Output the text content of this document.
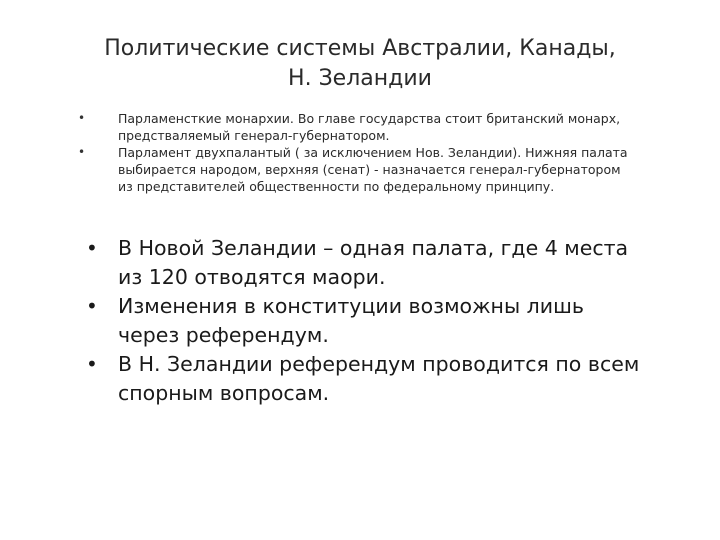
Политические системы Австралии, Канады,
Н. Зеландии
•	Парламенсткие монархии. Во главе государства стоит британский монарх, предстваляемый генерал-губернатором.
•	Парламент двухпалантый ( за исключением Нов. Зеландии). Нижняя палата выбирается народом, верхняя (сенат) - назначается генерал-губернатором из представителей общественности по федеральному принципу.
• В Новой Зеландии – одная палата, где 4 места из 120 отводятся маори.
• Изменения в конституции возможны лишь через референдум.
• В Н. Зеландии референдум проводится по всем спорным вопросам.
